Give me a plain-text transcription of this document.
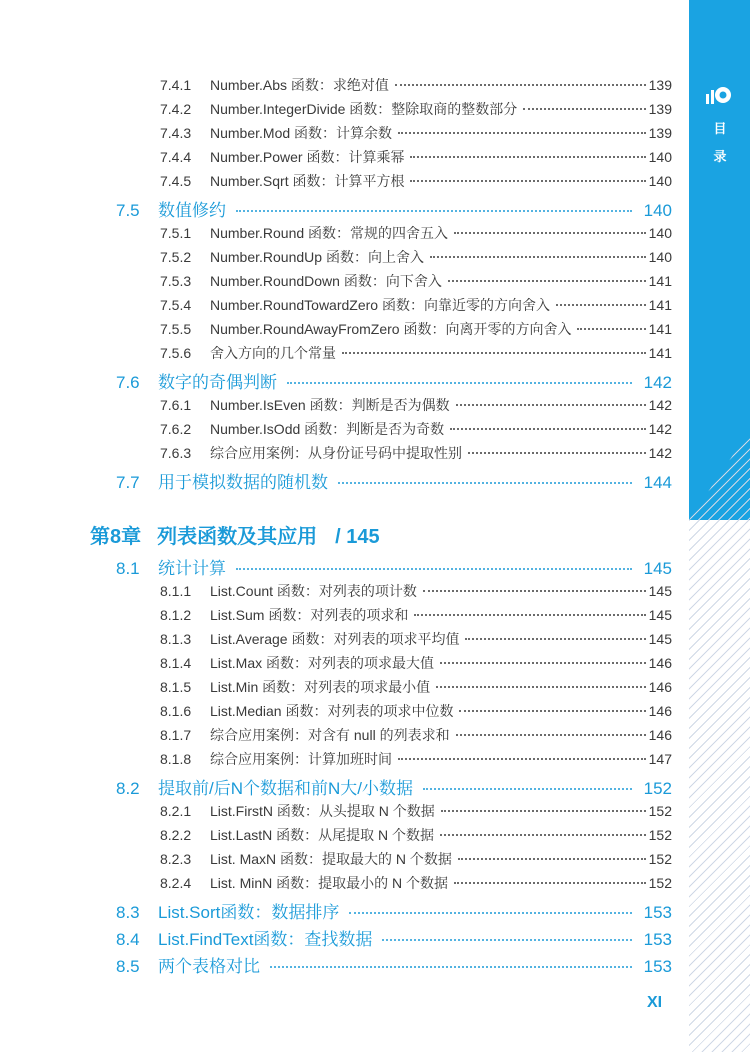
目
录
7.4.1	Number.Abs 函数：求绝对值	139
7.4.2	Number.IntegerDivide 函数：整除取商的整数部分	139
7.4.3	Number.Mod 函数：计算余数	139
7.4.4	Number.Power 函数：计算乘幂	140
7.4.5	Number.Sqrt 函数：计算平方根	140
7.5	数值修约	140
7.5.1	Number.Round 函数：常规的四舍五入	140
7.5.2	Number.RoundUp 函数：向上舍入	140
7.5.3	Number.RoundDown 函数：向下舍入	141
7.5.4	Number.RoundTowardZero 函数：向靠近零的方向舍入	141
7.5.5	Number.RoundAwayFromZero 函数：向离开零的方向舍入	141
7.5.6	舍入方向的几个常量	141
7.6	数字的奇偶判断	142
7.6.1	Number.IsEven 函数：判断是否为偶数	142
7.6.2	Number.IsOdd 函数：判断是否为奇数	142
7.6.3	综合应用案例：从身份证号码中提取性别	142
7.7	用于模拟数据的随机数	144
第8章 列表函数及其应用 / 145
8.1	统计计算	145
8.1.1	List.Count 函数：对列表的项计数	145
8.1.2	List.Sum 函数：对列表的项求和	145
8.1.3	List.Average 函数：对列表的项求平均值	145
8.1.4	List.Max 函数：对列表的项求最大值	146
8.1.5	List.Min 函数：对列表的项求最小值	146
8.1.6	List.Median 函数：对列表的项求中位数	146
8.1.7	综合应用案例：对含有 null 的列表求和	146
8.1.8	综合应用案例：计算加班时间	147
8.2	提取前/后N个数据和前N大/小数据	152
8.2.1	List.FirstN 函数：从头提取 N 个数据	152
8.2.2	List.LastN 函数：从尾提取 N 个数据	152
8.2.3	List. MaxN 函数：提取最大的 N 个数据	152
8.2.4	List. MinN 函数：提取最小的 N 个数据	152
8.3	List.Sort函数：数据排序	153
8.4	List.FindText函数：查找数据	153
8.5	两个表格对比	153
XI
